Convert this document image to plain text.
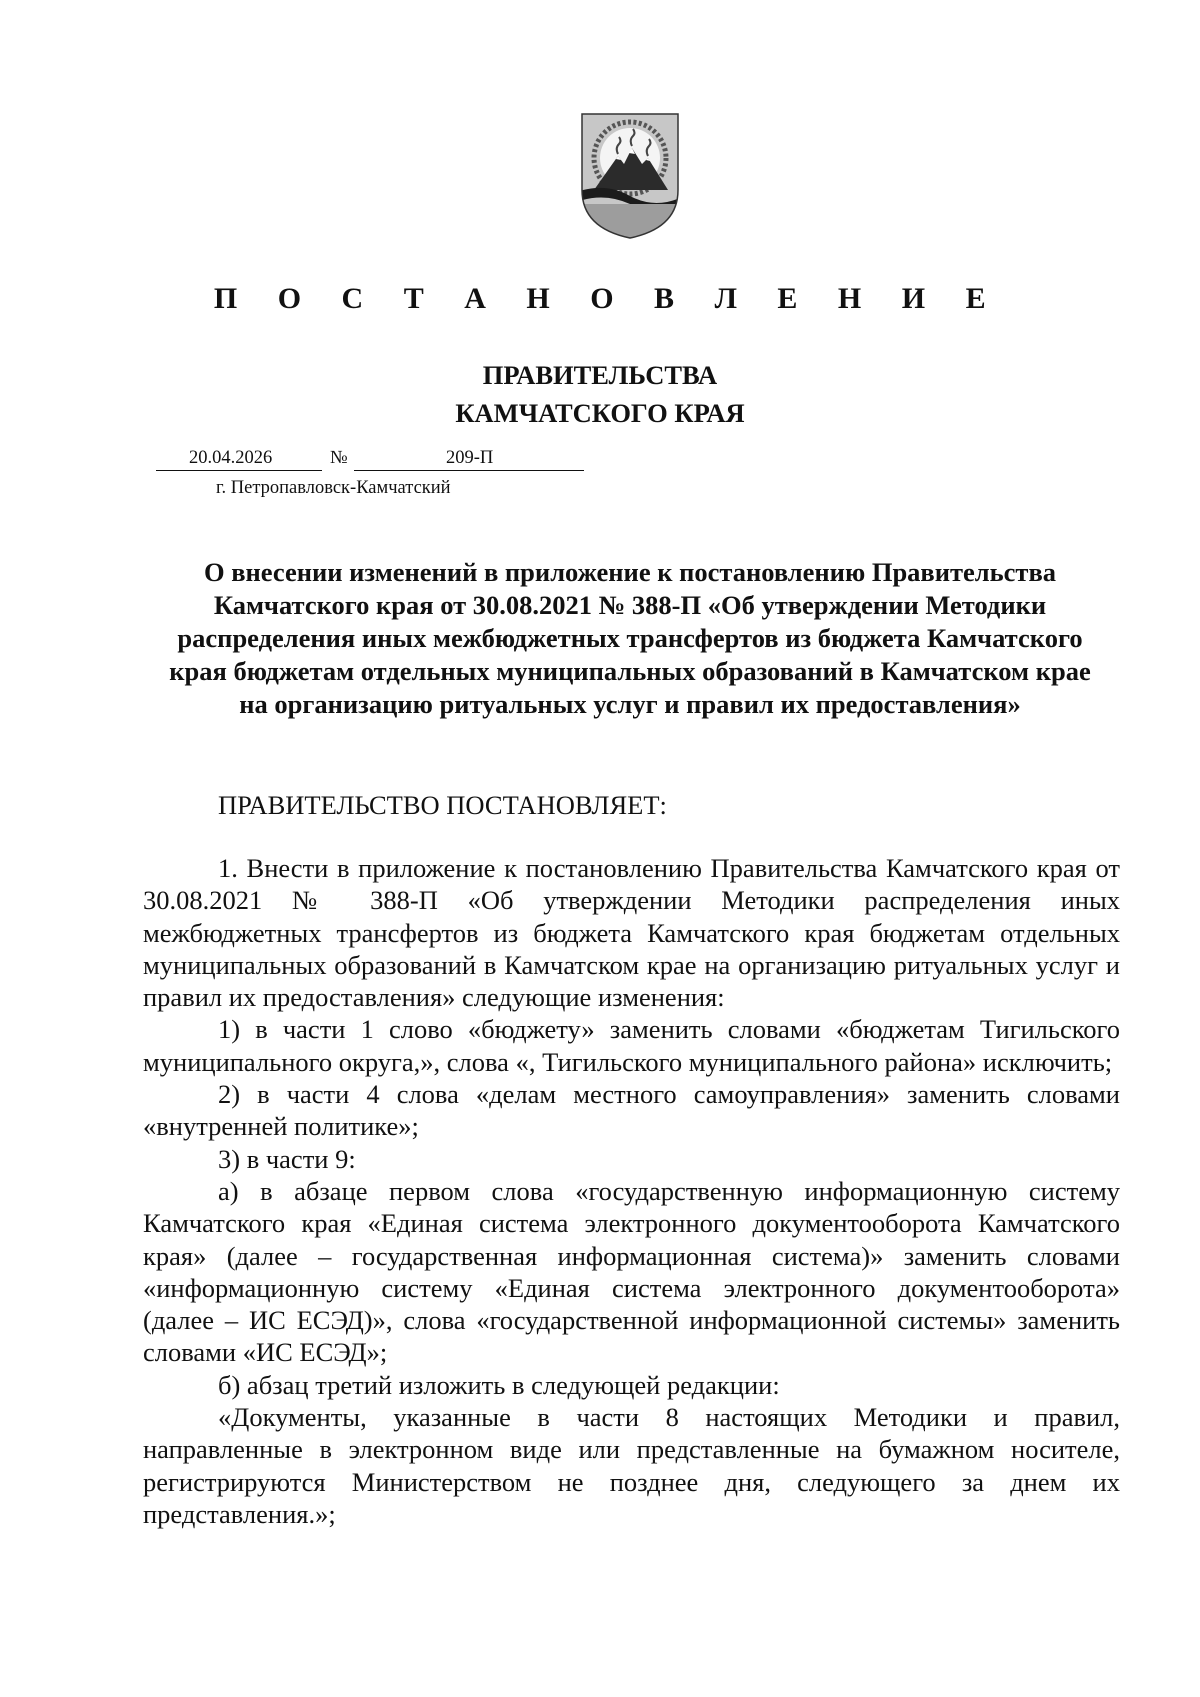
П О С Т А Н О В Л Е Н И Е
ПРАВИТЕЛЬСТВА
КАМЧАТСКОГО КРАЯ
20.04.2026	№	209-П
г. Петропавловск-Камчатский
О внесении изменений в приложение к постановлению Правительства
Камчатского края от 30.08.2021 № 388-П «Об утверждении Методики
распределения иных межбюджетных трансфертов из бюджета Камчатского
края бюджетам отдельных муниципальных образований в Камчатском крае
на организацию ритуальных услуг и правил их предоставления»
ПРАВИТЕЛЬСТВО ПОСТАНОВЛЯЕТ:

1. Внести в приложение к постановлению Правительства Камчатского края от 30.08.2021 № 388-П «Об утверждении Методики распределения иных межбюджетных трансфертов из бюджета Камчатского края бюджетам отдельных муниципальных образований в Камчатском крае на организацию ритуальных услуг и правил их предоставления» следующие изменения:

1) в части 1 слово «бюджету» заменить словами «бюджетам Тигильского муниципального округа,», слова «, Тигильского муниципального района» исключить;

2) в части 4 слова «делам местного самоуправления» заменить словами «внутренней политике»;

3) в части 9:

а) в абзаце первом слова «государственную информационную систему Камчатского края «Единая система электронного документооборота Камчатского края» (далее – государственная информационная система)» заменить словами «информационную систему «Единая система электронного документооборота» (далее – ИС ЕСЭД)», слова «государственной информационной системы» заменить словами «ИС ЕСЭД»;

б) абзац третий изложить в следующей редакции:

«Документы, указанные в части 8 настоящих Методики и правил, направленные в электронном виде или представленные на бумажном носителе, регистрируются Министерством не позднее дня, следующего за днем их представления.»;
